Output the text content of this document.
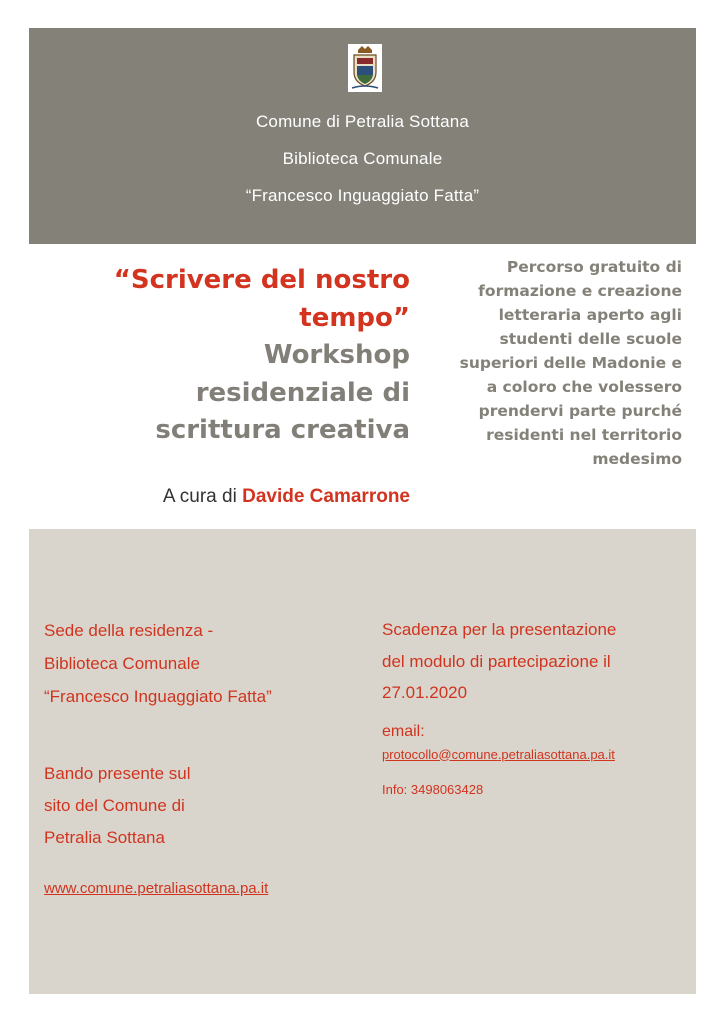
Comune di Petralia Sottana
Biblioteca Comunale
“Francesco Inguaggiato Fatta”
“Scrivere del nostro
tempo”
Workshop
residenziale di
scrittura creativa
A cura di Davide Camarrone
Percorso gratuito di
formazione e creazione
letteraria aperto agli
studenti delle scuole
superiori delle Madonie e
a coloro che volessero
prendervi parte purché
residenti nel territorio
medesimo
Sede della residenza -
Biblioteca Comunale
“Francesco Inguaggiato Fatta”
Bando presente sul
sito del Comune di
Petralia Sottana
www.comune.petraliasottana.pa.it
Scadenza per la presentazione
del modulo di partecipazione il
27.01.2020
email:
protocollo@comune.petraliasottana.pa.it
Info: 3498063428
